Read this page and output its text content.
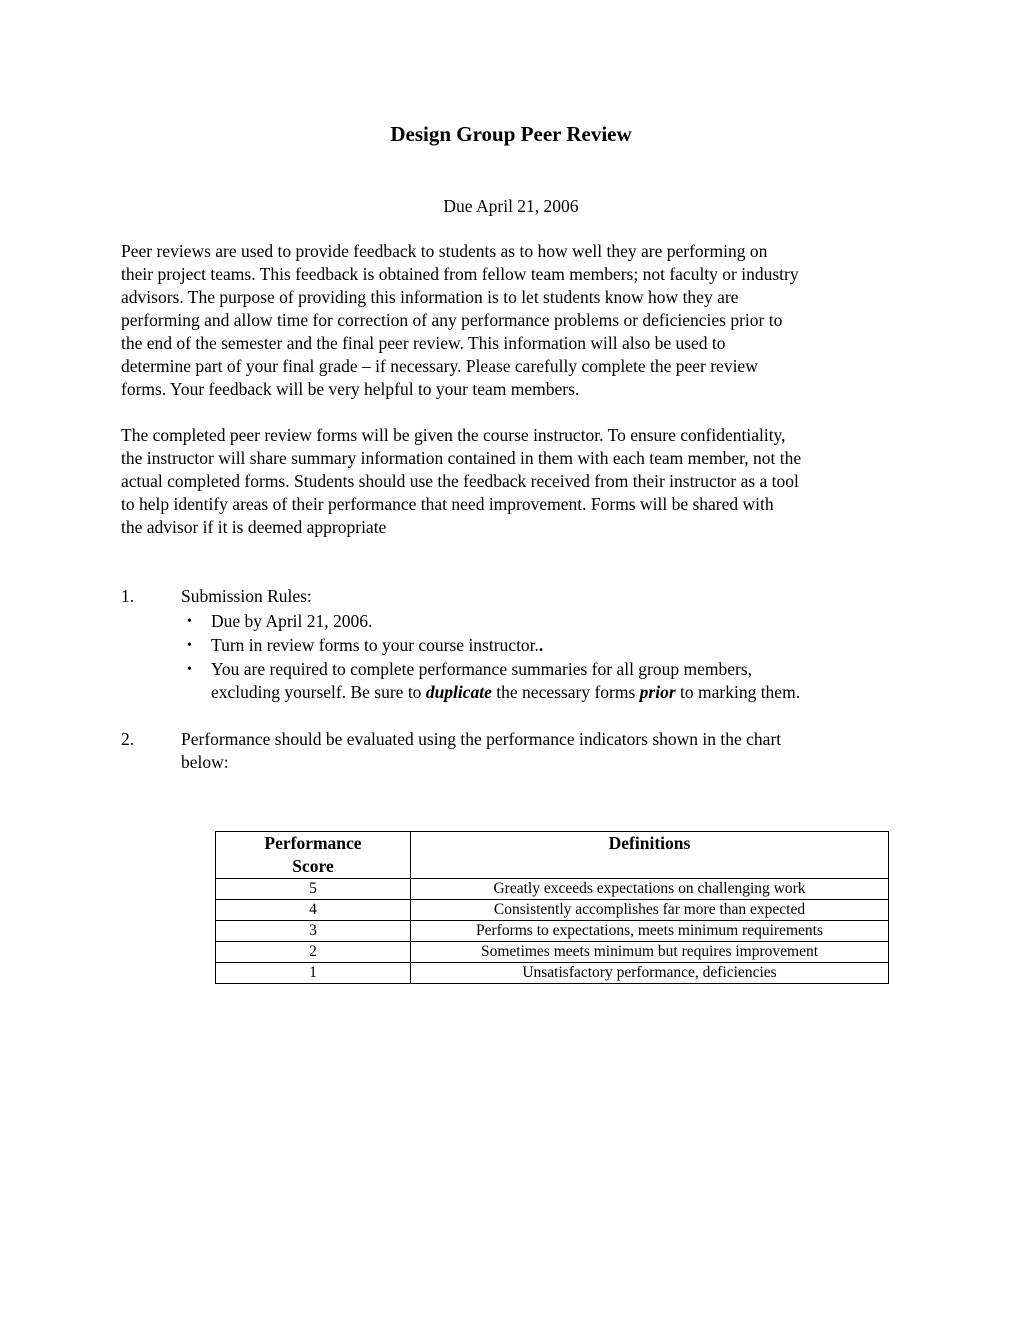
Design Group Peer Review
Due April 21, 2006
Peer reviews are used to provide feedback to students as to how well they are performing on
their project teams. This feedback is obtained from fellow team members; not faculty or industry
advisors. The purpose of providing this information is to let students know how they are
performing and allow time for correction of any performance problems or deficiencies prior to
the end of the semester and the final peer review. This information will also be used to
determine part of your final grade – if necessary. Please carefully complete the peer review
forms. Your feedback will be very helpful to your team members.
The completed peer review forms will be given the course instructor. To ensure confidentiality,
the instructor will share summary information contained in them with each team member, not the
actual completed forms. Students should use the feedback received from their instructor as a tool
to help identify areas of their performance that need improvement. Forms will be shared with
the advisor if it is deemed appropriate
1.	Submission Rules:
• Due by April 21, 2006.
• Turn in review forms to your course instructor..
• You are required to complete performance summaries for all group members,
excluding yourself. Be sure to duplicate the necessary forms prior to marking them.
2.	Performance should be evaluated using the performance indicators shown in the chart
below:
Performance
Score	Definitions
5	Greatly exceeds expectations on challenging work
4	Consistently accomplishes far more than expected
3	Performs to expectations, meets minimum requirements
2	Sometimes meets minimum but requires improvement
1	Unsatisfactory performance, deficiencies
